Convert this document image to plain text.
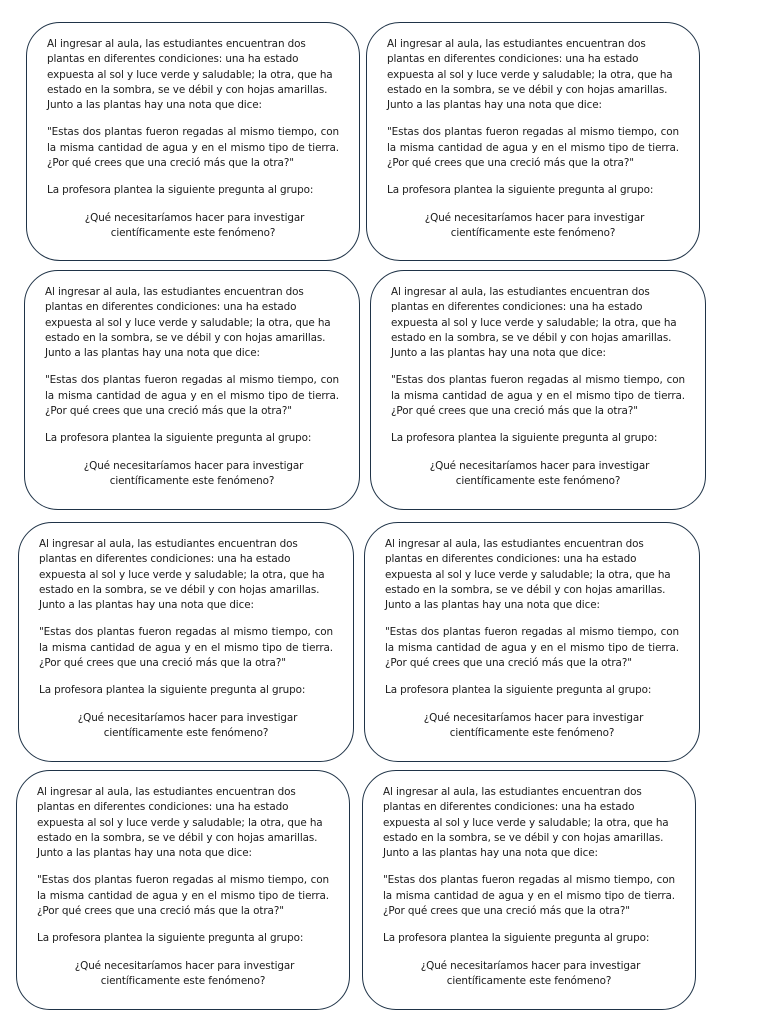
Al ingresar al aula, las estudiantes encuentran dos plantas en diferentes condiciones: una ha estado expuesta al sol y luce verde y saludable; la otra, que ha estado en la sombra, se ve débil y con hojas amarillas. Junto a las plantas hay una nota que dice:

"Estas dos plantas fueron regadas al mismo tiempo, con la misma cantidad de agua y en el mismo tipo de tierra. ¿Por qué crees que una creció más que la otra?"

La profesora plantea la siguiente pregunta al grupo:

¿Qué necesitaríamos hacer para investigar científicamente este fenómeno?

Al ingresar al aula, las estudiantes encuentran dos plantas en diferentes condiciones: una ha estado expuesta al sol y luce verde y saludable; la otra, que ha estado en la sombra, se ve débil y con hojas amarillas. Junto a las plantas hay una nota que dice:

"Estas dos plantas fueron regadas al mismo tiempo, con la misma cantidad de agua y en el mismo tipo de tierra. ¿Por qué crees que una creció más que la otra?"

La profesora plantea la siguiente pregunta al grupo:

¿Qué necesitaríamos hacer para investigar científicamente este fenómeno?

Al ingresar al aula, las estudiantes encuentran dos plantas en diferentes condiciones: una ha estado expuesta al sol y luce verde y saludable; la otra, que ha estado en la sombra, se ve débil y con hojas amarillas. Junto a las plantas hay una nota que dice:

"Estas dos plantas fueron regadas al mismo tiempo, con la misma cantidad de agua y en el mismo tipo de tierra. ¿Por qué crees que una creció más que la otra?"

La profesora plantea la siguiente pregunta al grupo:

¿Qué necesitaríamos hacer para investigar científicamente este fenómeno?

Al ingresar al aula, las estudiantes encuentran dos plantas en diferentes condiciones: una ha estado expuesta al sol y luce verde y saludable; la otra, que ha estado en la sombra, se ve débil y con hojas amarillas. Junto a las plantas hay una nota que dice:

"Estas dos plantas fueron regadas al mismo tiempo, con la misma cantidad de agua y en el mismo tipo de tierra. ¿Por qué crees que una creció más que la otra?"

La profesora plantea la siguiente pregunta al grupo:

¿Qué necesitaríamos hacer para investigar científicamente este fenómeno?

Al ingresar al aula, las estudiantes encuentran dos plantas en diferentes condiciones: una ha estado expuesta al sol y luce verde y saludable; la otra, que ha estado en la sombra, se ve débil y con hojas amarillas. Junto a las plantas hay una nota que dice:

"Estas dos plantas fueron regadas al mismo tiempo, con la misma cantidad de agua y en el mismo tipo de tierra. ¿Por qué crees que una creció más que la otra?"

La profesora plantea la siguiente pregunta al grupo:

¿Qué necesitaríamos hacer para investigar científicamente este fenómeno?

Al ingresar al aula, las estudiantes encuentran dos plantas en diferentes condiciones: una ha estado expuesta al sol y luce verde y saludable; la otra, que ha estado en la sombra, se ve débil y con hojas amarillas. Junto a las plantas hay una nota que dice:

"Estas dos plantas fueron regadas al mismo tiempo, con la misma cantidad de agua y en el mismo tipo de tierra. ¿Por qué crees que una creció más que la otra?"

La profesora plantea la siguiente pregunta al grupo:

¿Qué necesitaríamos hacer para investigar científicamente este fenómeno?

Al ingresar al aula, las estudiantes encuentran dos plantas en diferentes condiciones: una ha estado expuesta al sol y luce verde y saludable; la otra, que ha estado en la sombra, se ve débil y con hojas amarillas. Junto a las plantas hay una nota que dice:

"Estas dos plantas fueron regadas al mismo tiempo, con la misma cantidad de agua y en el mismo tipo de tierra. ¿Por qué crees que una creció más que la otra?"

La profesora plantea la siguiente pregunta al grupo:

¿Qué necesitaríamos hacer para investigar científicamente este fenómeno?

Al ingresar al aula, las estudiantes encuentran dos plantas en diferentes condiciones: una ha estado expuesta al sol y luce verde y saludable; la otra, que ha estado en la sombra, se ve débil y con hojas amarillas. Junto a las plantas hay una nota que dice:

"Estas dos plantas fueron regadas al mismo tiempo, con la misma cantidad de agua y en el mismo tipo de tierra. ¿Por qué crees que una creció más que la otra?"

La profesora plantea la siguiente pregunta al grupo:

¿Qué necesitaríamos hacer para investigar científicamente este fenómeno?
